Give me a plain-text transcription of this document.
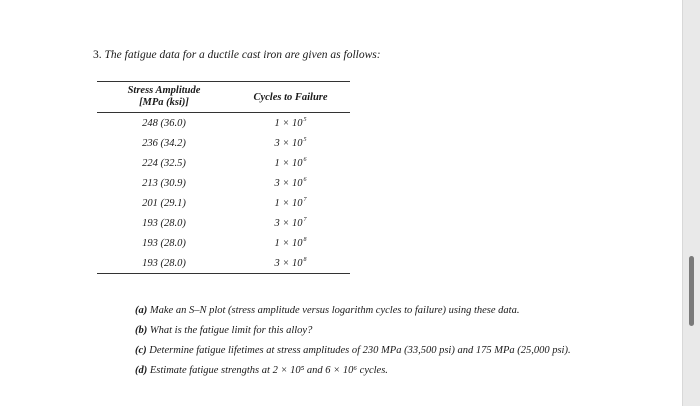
3. The fatigue data for a ductile cast iron are given as follows:
Stress Amplitude
[MPa (ksi)]	Cycles to Failure
248 (36.0)	$1 \times 10^5$
236 (34.2)	$3 \times 10^5$
224 (32.5)	$1 \times 10^6$
213 (30.9)	$3 \times 10^6$
201 (29.1)	$1 \times 10^7$
193 (28.0)	$3 \times 10^7$
193 (28.0)	$1 \times 10^8$
193 (28.0)	$3 \times 10^8$
(a) Make an S–N plot (stress amplitude versus logarithm cycles to failure) using these data.
(b) What is the fatigue limit for this alloy?
(c) Determine fatigue lifetimes at stress amplitudes of 230 MPa (33,500 psi) and 175 MPa (25,000 psi).
(d) Estimate fatigue strengths at 2 × 10⁵ and 6 × 10⁶ cycles.
